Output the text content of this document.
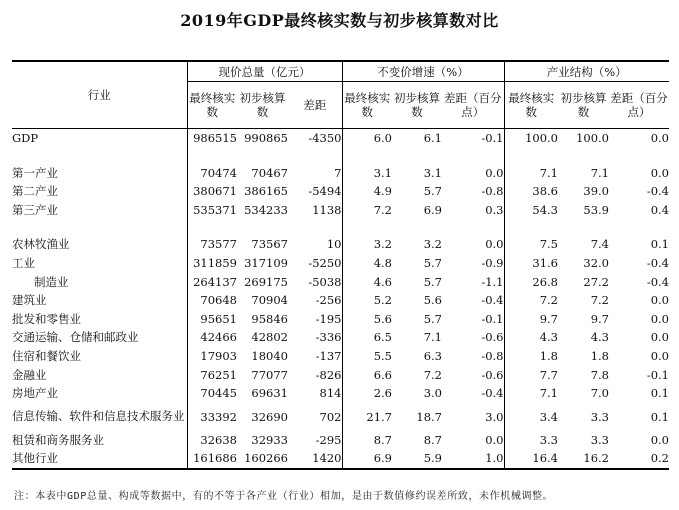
2019年GDP最终核实数与初步核算数对比
行业	现价总量（亿元）			不变价增速（%）			产业结构（%）		
	最终核实数	初步核算数	差距	最终核实数	初步核算数	差距（百分点）	最终核实数	初步核算数	差距（百分点）
GDP	986515	990865	-4350	6.0	6.1	-0.1	100.0	100.0	0.0

第一产业	70474	70467	7	3.1	3.1	0.0	7.1	7.1	0.0
第二产业	380671	386165	-5494	4.9	5.7	-0.8	38.6	39.0	-0.4
第三产业	535371	534233	1138	7.2	6.9	0.3	54.3	53.9	0.4

农林牧渔业	73577	73567	10	3.2	3.2	0.0	7.5	7.4	0.1
工业	311859	317109	-5250	4.8	5.7	-0.9	31.6	32.0	-0.4
制造业	264137	269175	-5038	4.6	5.7	-1.1	26.8	27.2	-0.4
建筑业	70648	70904	-256	5.2	5.6	-0.4	7.2	7.2	0.0
批发和零售业	95651	95846	-195	5.6	5.7	-0.1	9.7	9.7	0.0
交通运输、仓储和邮政业	42466	42802	-336	6.5	7.1	-0.6	4.3	4.3	0.0
住宿和餐饮业	17903	18040	-137	5.5	6.3	-0.8	1.8	1.8	0.0
金融业	76251	77077	-826	6.6	7.2	-0.6	7.7	7.8	-0.1
房地产业	70445	69631	814	2.6	3.0	-0.4	7.1	7.0	0.1
信息传输、软件和信息技术服务业	33392	32690	702	21.7	18.7	3.0	3.4	3.3	0.1
租赁和商务服务业	32638	32933	-295	8.7	8.7	0.0	3.3	3.3	0.0
其他行业	161686	160266	1420	6.9	5.9	1.0	16.4	16.2	0.2
注：本表中GDP总量、构成等数据中，有的不等于各产业（行业）相加，是由于数值修约误差所致，未作机械调整。
